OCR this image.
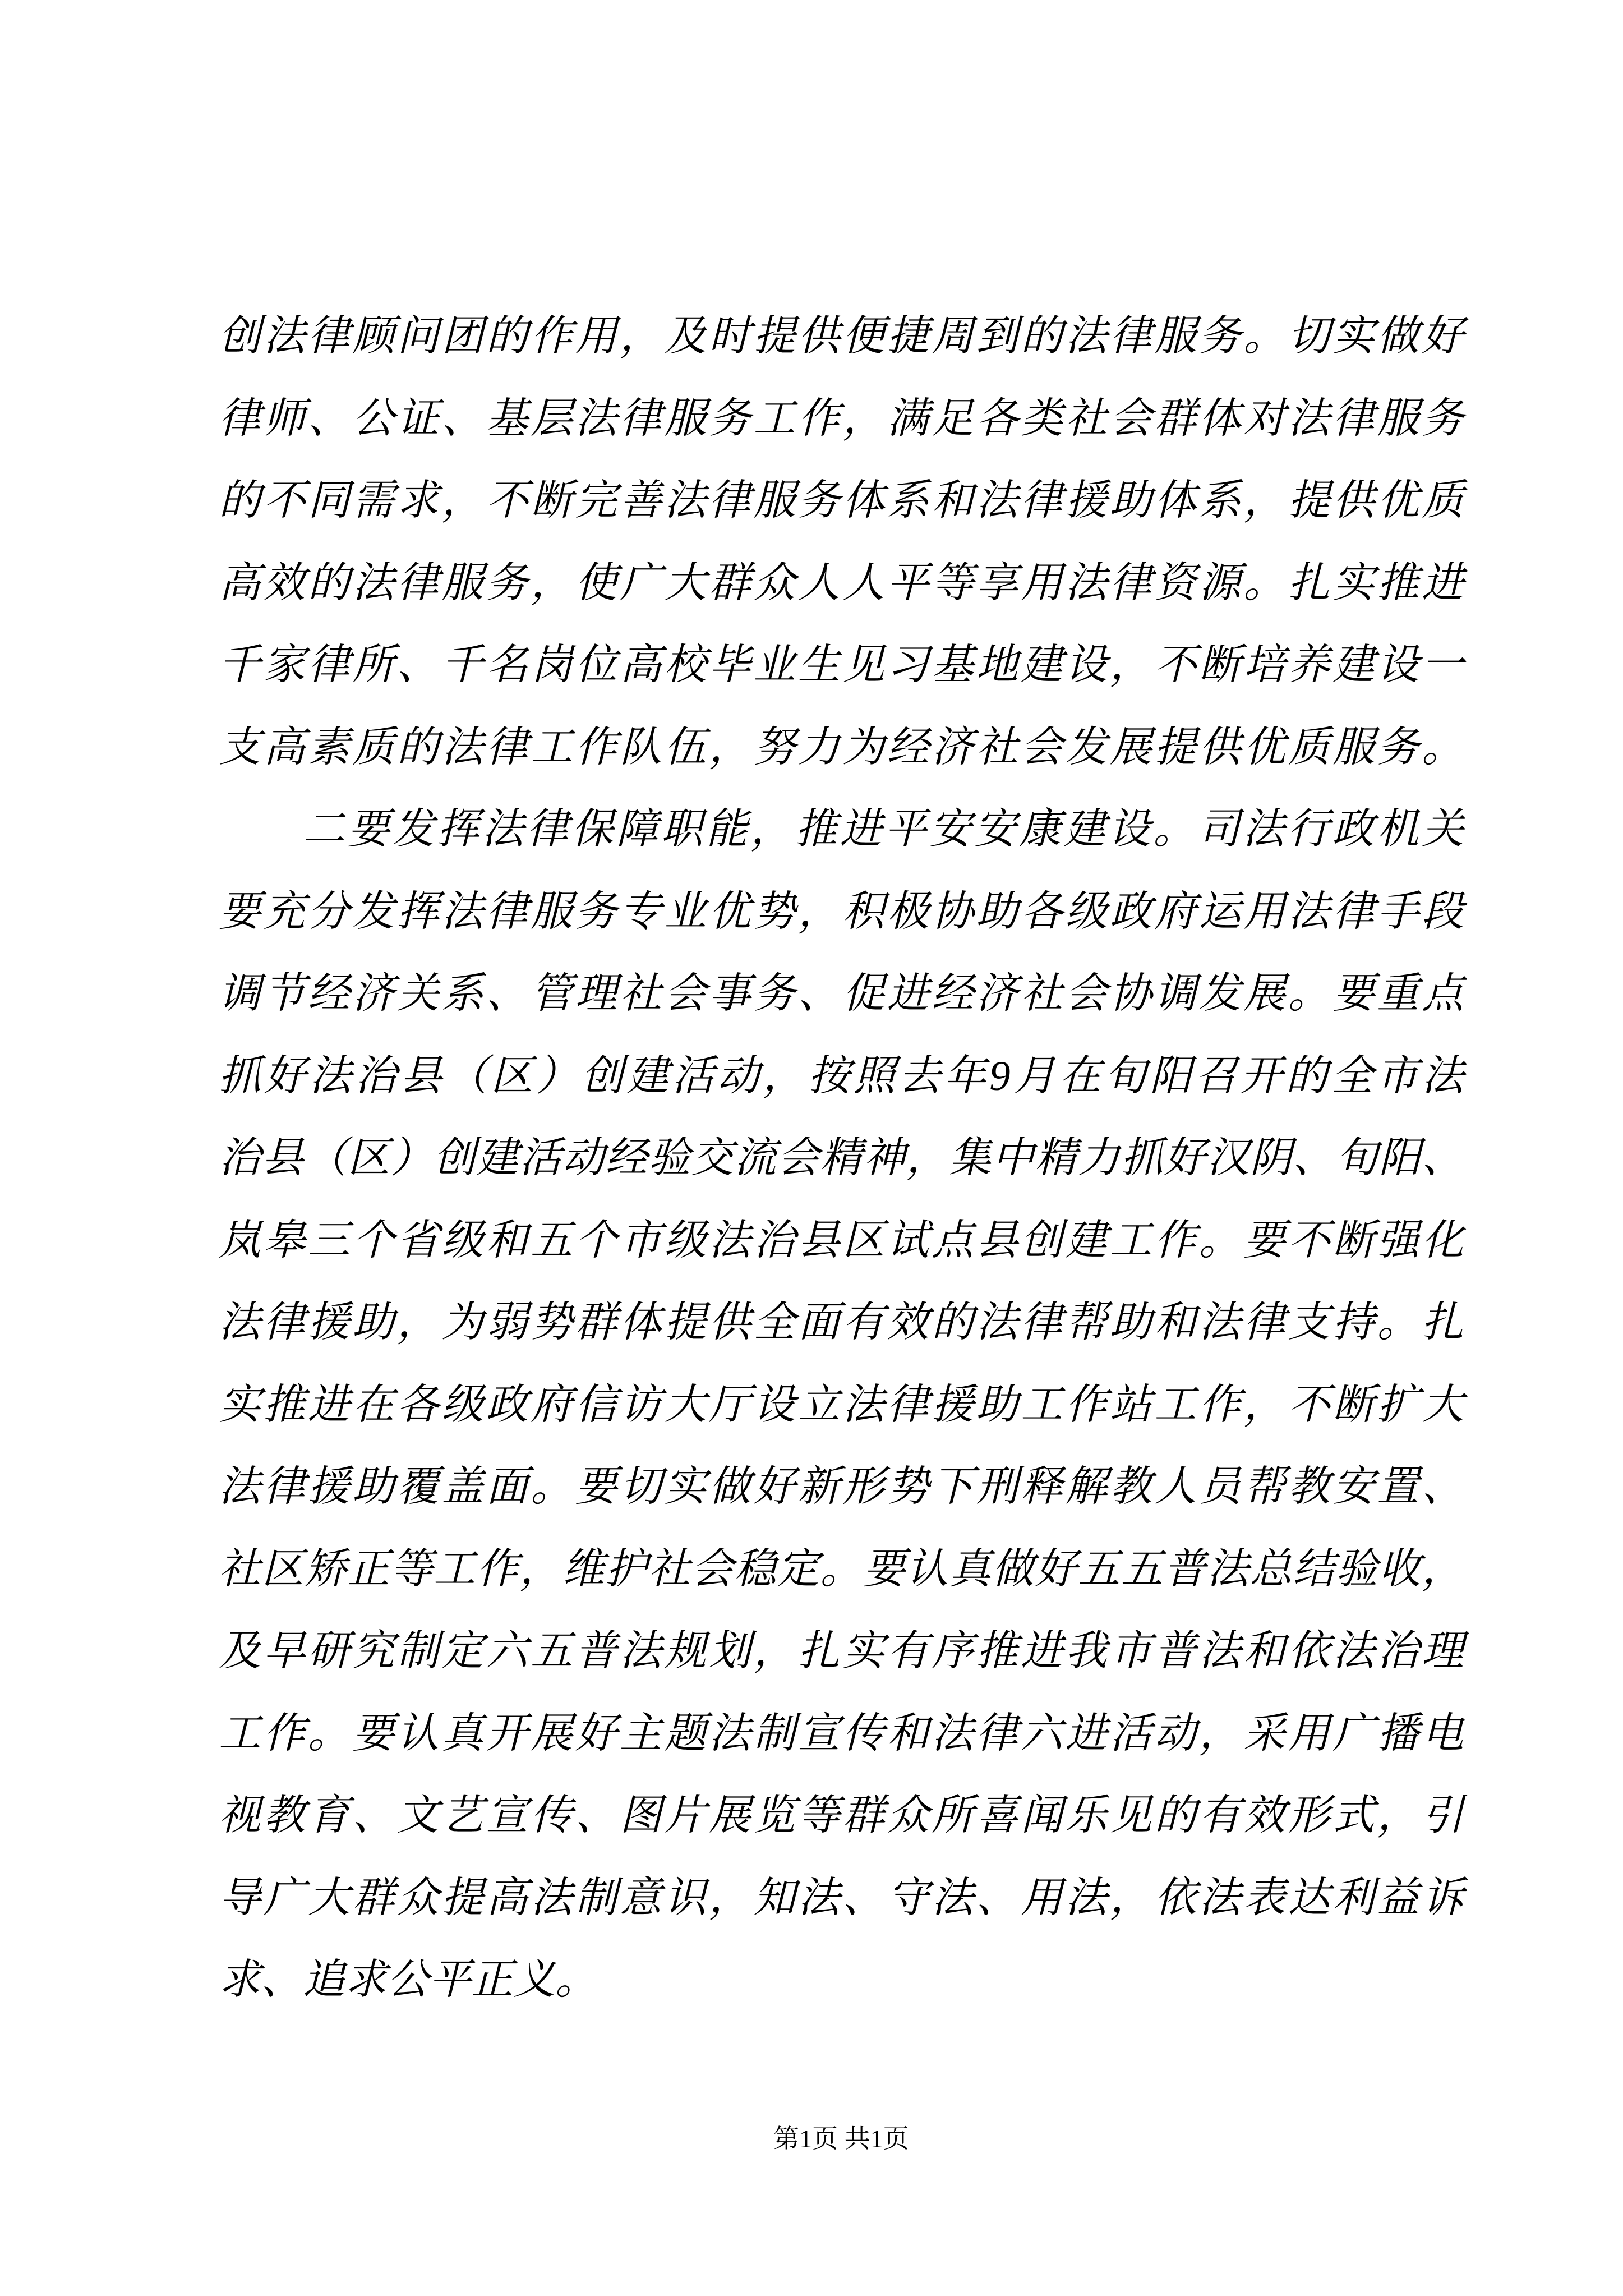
创法律顾问团的作用，及时提供便捷周到的法律服务。切实做好
律师、公证、基层法律服务工作，满足各类社会群体对法律服务
的不同需求，不断完善法律服务体系和法律援助体系，提供优质
高效的法律服务，使广大群众人人平等享用法律资源。扎实推进
千家律所、千名岗位高校毕业生见习基地建设，不断培养建设一
支高素质的法律工作队伍，努力为经济社会发展提供优质服务。
二要发挥法律保障职能，推进平安安康建设。司法行政机关
要充分发挥法律服务专业优势，积极协助各级政府运用法律手段
调节经济关系、管理社会事务、促进经济社会协调发展。要重点
抓好法治县（区）创建活动，按照去年9月在旬阳召开的全市法
治县（区）创建活动经验交流会精神，集中精力抓好汉阴、旬阳、
岚皋三个省级和五个市级法治县区试点县创建工作。要不断强化
法律援助，为弱势群体提供全面有效的法律帮助和法律支持。扎
实推进在各级政府信访大厅设立法律援助工作站工作，不断扩大
法律援助覆盖面。要切实做好新形势下刑释解教人员帮教安置、
社区矫正等工作，维护社会稳定。要认真做好五五普法总结验收，
及早研究制定六五普法规划，扎实有序推进我市普法和依法治理
工作。要认真开展好主题法制宣传和法律六进活动，采用广播电
视教育、文艺宣传、图片展览等群众所喜闻乐见的有效形式，引
导广大群众提高法制意识，知法、守法、用法，依法表达利益诉
求、追求公平正义。
第1页 共1页
